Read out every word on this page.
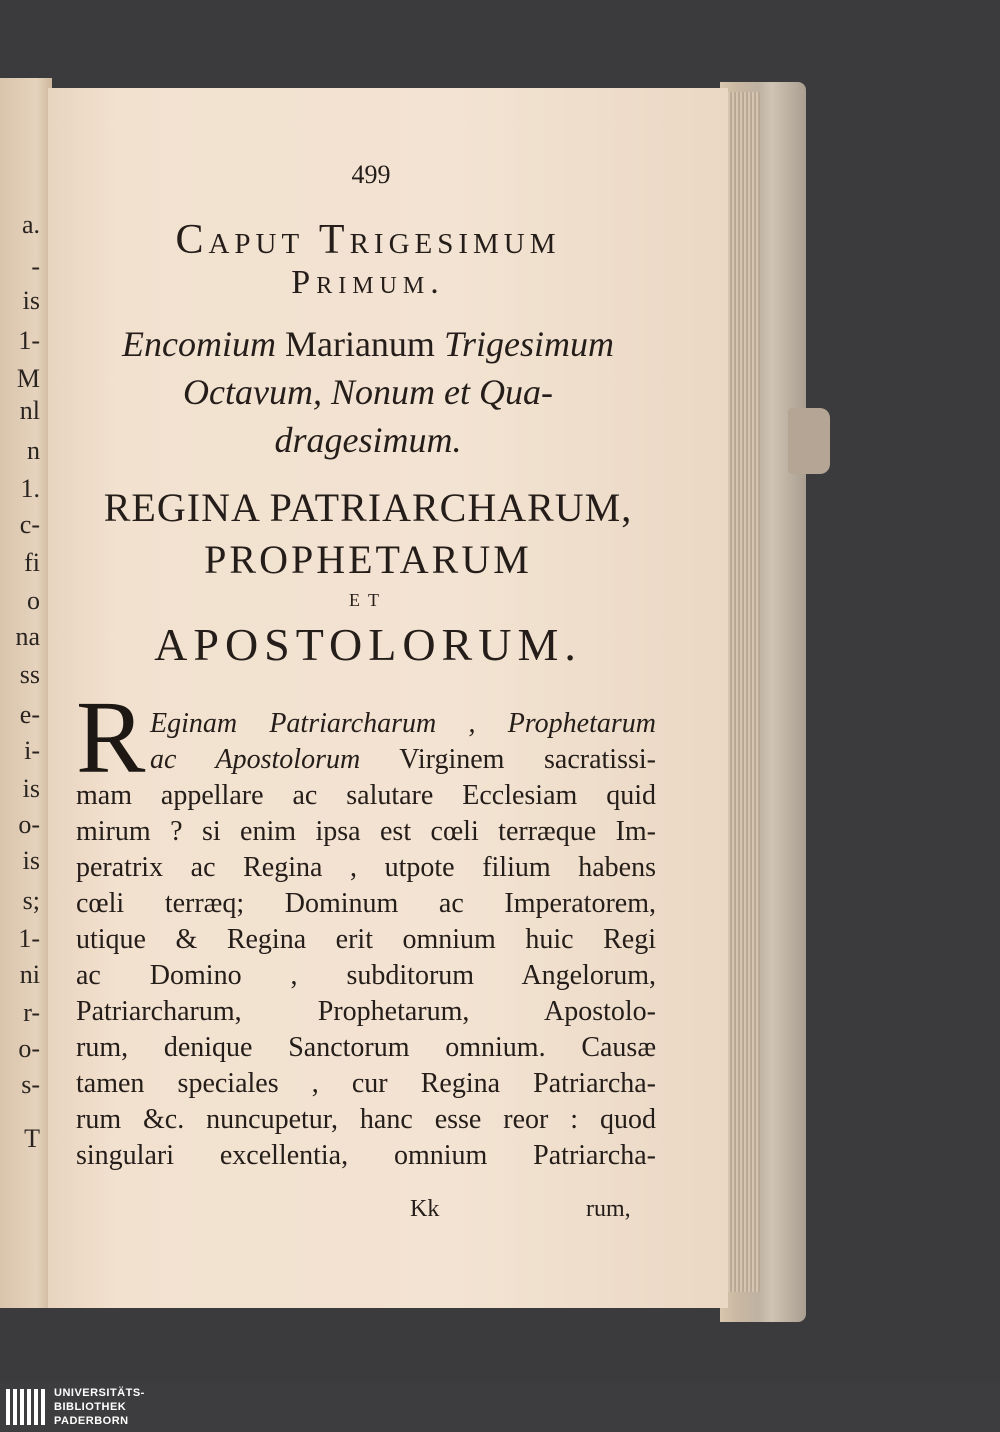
a.
-
is
1-
M
nl
n
1.
c-
fi
o
na
ss
e-
i-
is
o-
is
s;
1-
ni
r-
o-
s-
T
499
Caput Trigesimum
Primum.
Encomium Marianum Trigesimum
Octavum, Nonum et Qua-
dragesimum.
REGINA PATRIARCHARUM,
PROPHETARUM
ET
APOSTOLORUM.
R Eginam Patriarcharum , Prophetarum
ac Apostolorum Virginem sacratissi-
mam appellare ac salutare Ecclesiam quid
mirum ? si enim ipsa est cœli terræque Im-
peratrix ac Regina , utpote filium habens
cœli terræq; Dominum ac Imperatorem,
utique & Regina erit omnium huic Regi
ac Domino , subditorum Angelorum,
Patriarcharum, Prophetarum, Apostolo-
rum, denique Sanctorum omnium. Causæ
tamen speciales , cur Regina Patriarcha-
rum &c. nuncupetur, hanc esse reor : quod
singulari excellentia, omnium Patriarcha-
Kk	rum,
UNIVERSITÄTS-
BIBLIOTHEK
PADERBORN
